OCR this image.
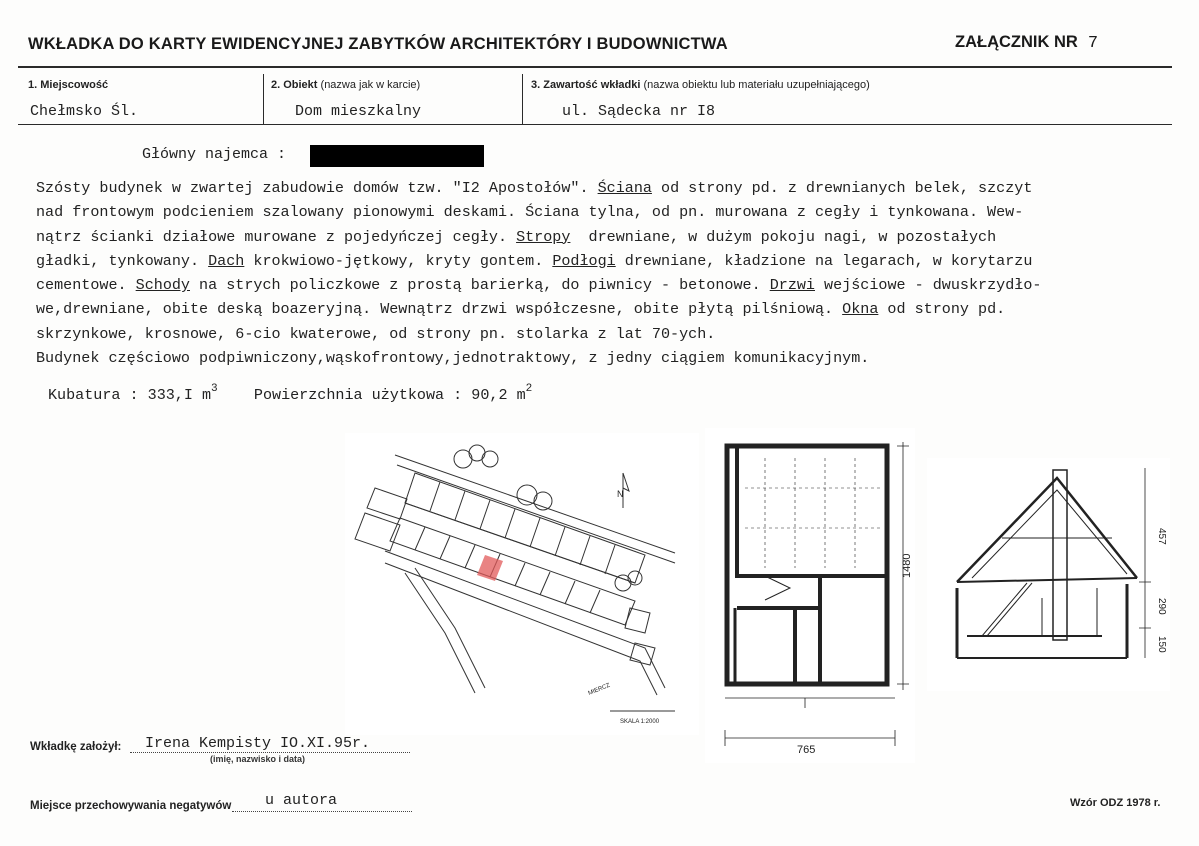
WKŁADKA DO KARTY EWIDENCYJNEJ ZABYTKÓW ARCHITEKTÓRY I BUDOWNICTWA	ZAŁĄCZNIK NR 7
1. Miejscowość
Chełmsko Śl.
2. Obiekt (nazwa jak w karcie)
Dom mieszkalny
3. Zawartość wkładki (nazwa obiektu lub materiału uzupełniającego)
ul. Sądecka nr I8
Główny najemca :
Szósty budynek w zwartej zabudowie domów tzw. "I2 Apostołów". Ściana od strony pd. z drewnianych belek, szczyt
nad frontowym podcieniem szalowany pionowymi deskami. Ściana tylna, od pn. murowana z cegły i tynkowana. Wew-
nątrz ścianki działowe murowane z pojedyńczej cegły. Stropy  drewniane, w dużym pokoju nagi, w pozostałych
gładki, tynkowany. Dach krokwiowo-jętkowy, kryty gontem. Podłogi drewniane, kładzione na legarach, w korytarzu
cementowe. Schody na strych policzkowe z prostą barierką, do piwnicy - betonowe. Drzwi wejściowe - dwuskrzydło-
we,drewniane, obite deską boazeryjną. Wewnątrz drzwi współczesne, obite płytą pilśniową. Okna od strony pd.
skrzynkowe, krosnowe, 6-cio kwaterowe, od strony pn. stolarka z lat 70-ych.
Budynek częściowo podpiwniczony,wąskofrontowy,jednotraktowy, z jedny ciągiem komunikacyjnym.
Kubatura : 333,I $m^3$ Powierzchnia użytkowa : 90,2 $m^2$
N
MIERCZ
SKALA 1:2000
765
1480
457
290
150
Wkładkę założył: Irena Kempisty IO.XI.95r.
(imię, nazwisko i data)
Miejsce przechowywania negatywów u autora	Wzór ODZ 1978 r.
